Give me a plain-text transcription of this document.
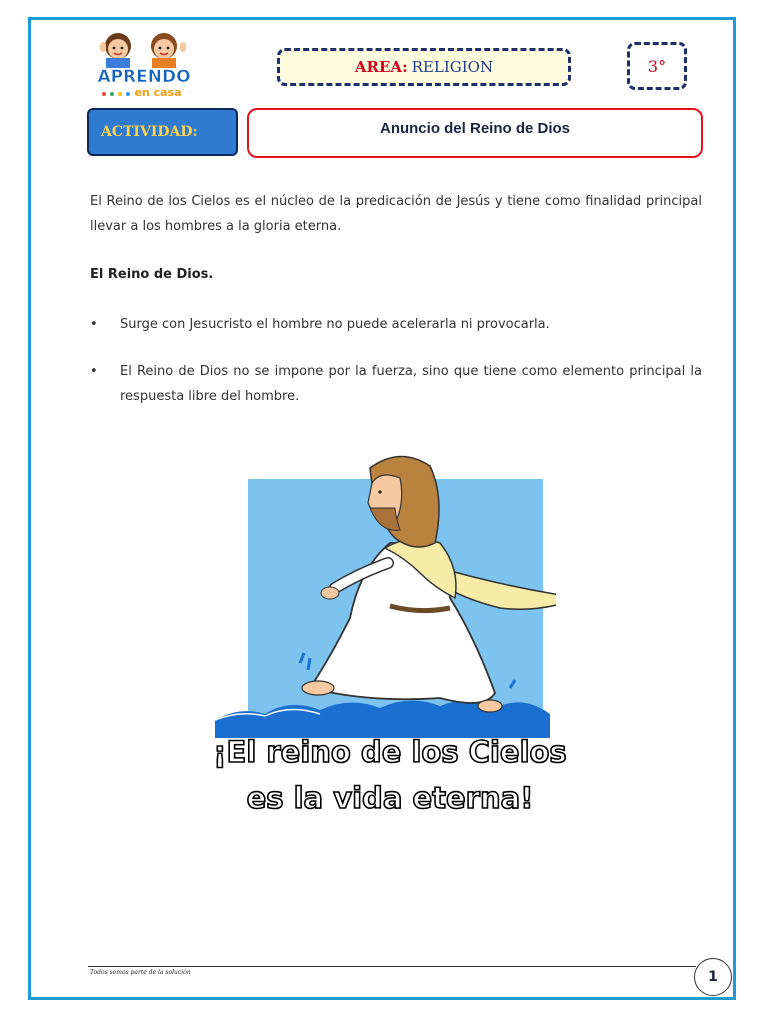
APRENDO
en casa
AREA : RELIGION	3°
ACTIVIDAD:	Anuncio del Reino de Dios
El Reino de los Cielos es el núcleo de la predicación de Jesús y tiene como finalidad principal llevar a los hombres a la gloria eterna.
El Reino de Dios.
•	Surge con Jesucristo el hombre no puede acelerarla ni provocarla.
•	El Reino de Dios no se impone por la fuerza, sino que tiene como elemento principal la respuesta libre del hombre.
¡El reino de los Cielos
es la vida eterna!
Todos somos parte de la solución	1
